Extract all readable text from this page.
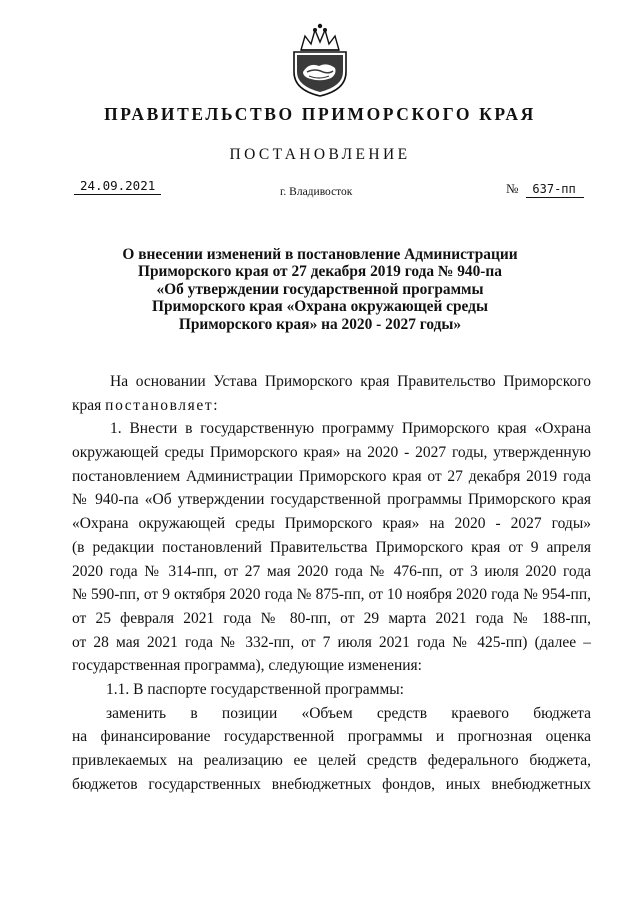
ПРАВИТЕЛЬСТВО ПРИМОРСКОГО КРАЯ
ПОСТАНОВЛЕНИЕ
24.09.2021	г. Владивосток	№ 637-пп
О внесении изменений в постановление Администрации
Приморского края от 27 декабря 2019 года № 940-па
«Об утверждении государственной программы
Приморского края «Охрана окружающей среды
Приморского края» на 2020 - 2027 годы»
На основании Устава Приморского края Правительство Приморского
края постановляет:
1. Внести в государственную программу Приморского края «Охрана
окружающей среды Приморского края» на 2020 - 2027 годы, утвержденную
постановлением Администрации Приморского края от 27 декабря 2019 года
№ 940-па «Об утверждении государственной программы Приморского края
«Охрана окружающей среды Приморского края» на 2020 - 2027 годы»
(в редакции постановлений Правительства Приморского края от 9 апреля
2020 года № 314-пп, от 27 мая 2020 года № 476-пп, от 3 июля 2020 года
№ 590-пп, от 9 октября 2020 года № 875-пп, от 10 ноября 2020 года № 954-пп,
от 25 февраля 2021 года № 80-пп, от 29 марта 2021 года № 188-пп,
от 28 мая 2021 года № 332-пп, от 7 июля 2021 года № 425-пп) (далее –
государственная программа), следующие изменения:
1.1. В паспорте государственной программы:
заменить в позиции «Объем средств краевого бюджета
на финансирование государственной программы и прогнозная оценка
привлекаемых на реализацию ее целей средств федерального бюджета,
бюджетов государственных внебюджетных фондов, иных внебюджетных
